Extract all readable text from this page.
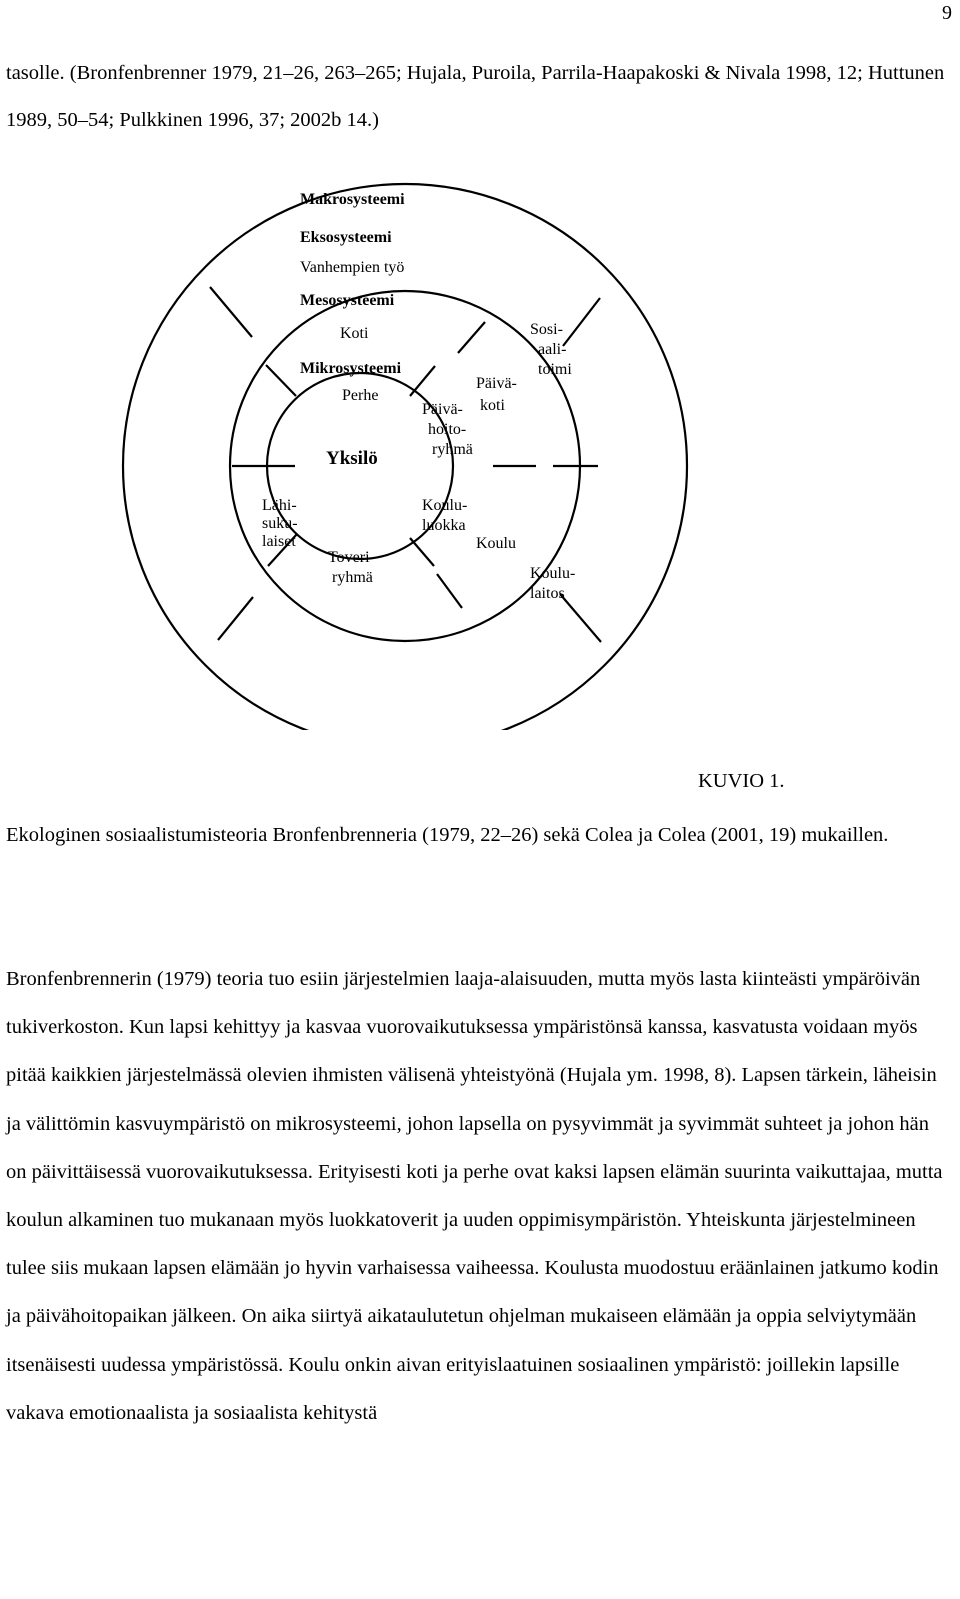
9

tasolle. (Bronfenbrenner 1979, 21–26, 263–265; Hujala, Puroila, Parrila-Haapakoski & Nivala 1998, 12; Huttunen 1989, 50–54; Pulkkinen 1996, 37; 2002b 14.)

Makrosysteemi
Eksosysteemi
Vanhempien työ
Mesosysteemi
Koti
Mikrosysteemi
Perhe
Yksilö
Päivä-
hoito-
ryhmä
Päivä-
koti
Sosi-
aali-
toimi
Lähi-
suku-
laiset
Koulu-
luokka
Koulu
Toveri-
ryhmä	Koulu-
laitos

KUVIO 1.

Ekologinen sosiaalistumisteoria Bronfenbrenneria (1979, 22–26) sekä Colea ja Colea (2001, 19) mukaillen.

Bronfenbrennerin (1979) teoria tuo esiin järjestelmien laaja-alaisuuden, mutta myös lasta kiinteästi ympäröivän tukiverkoston. Kun lapsi kehittyy ja kasvaa vuorovaikutuksessa ympäristönsä kanssa, kasvatusta voidaan myös pitää kaikkien järjestelmässä olevien ihmisten välisenä yhteistyönä (Hujala ym. 1998, 8). Lapsen tärkein, läheisin ja välittömin kasvuympäristö on mikrosysteemi, johon lapsella on pysyvimmät ja syvimmät suhteet ja johon hän on päivittäisessä vuorovaikutuksessa. Erityisesti koti ja perhe ovat kaksi lapsen elämän suurinta vaikuttajaa, mutta koulun alkaminen tuo mukanaan myös luokkatoverit ja uuden oppimisympäristön. Yhteiskunta järjestelmineen tulee siis mukaan lapsen elämään jo hyvin varhaisessa vaiheessa. Koulusta muodostuu eräänlainen jatkumo kodin ja päivähoitopaikan jälkeen. On aika siirtyä aikataulutetun ohjelman mukaiseen elämään ja oppia selviytymään itsenäisesti uudessa ympäristössä. Koulu onkin aivan erityislaatuinen sosiaalinen ympäristö: joillekin lapsille vakava emotionaalista ja sosiaalista kehitystä
